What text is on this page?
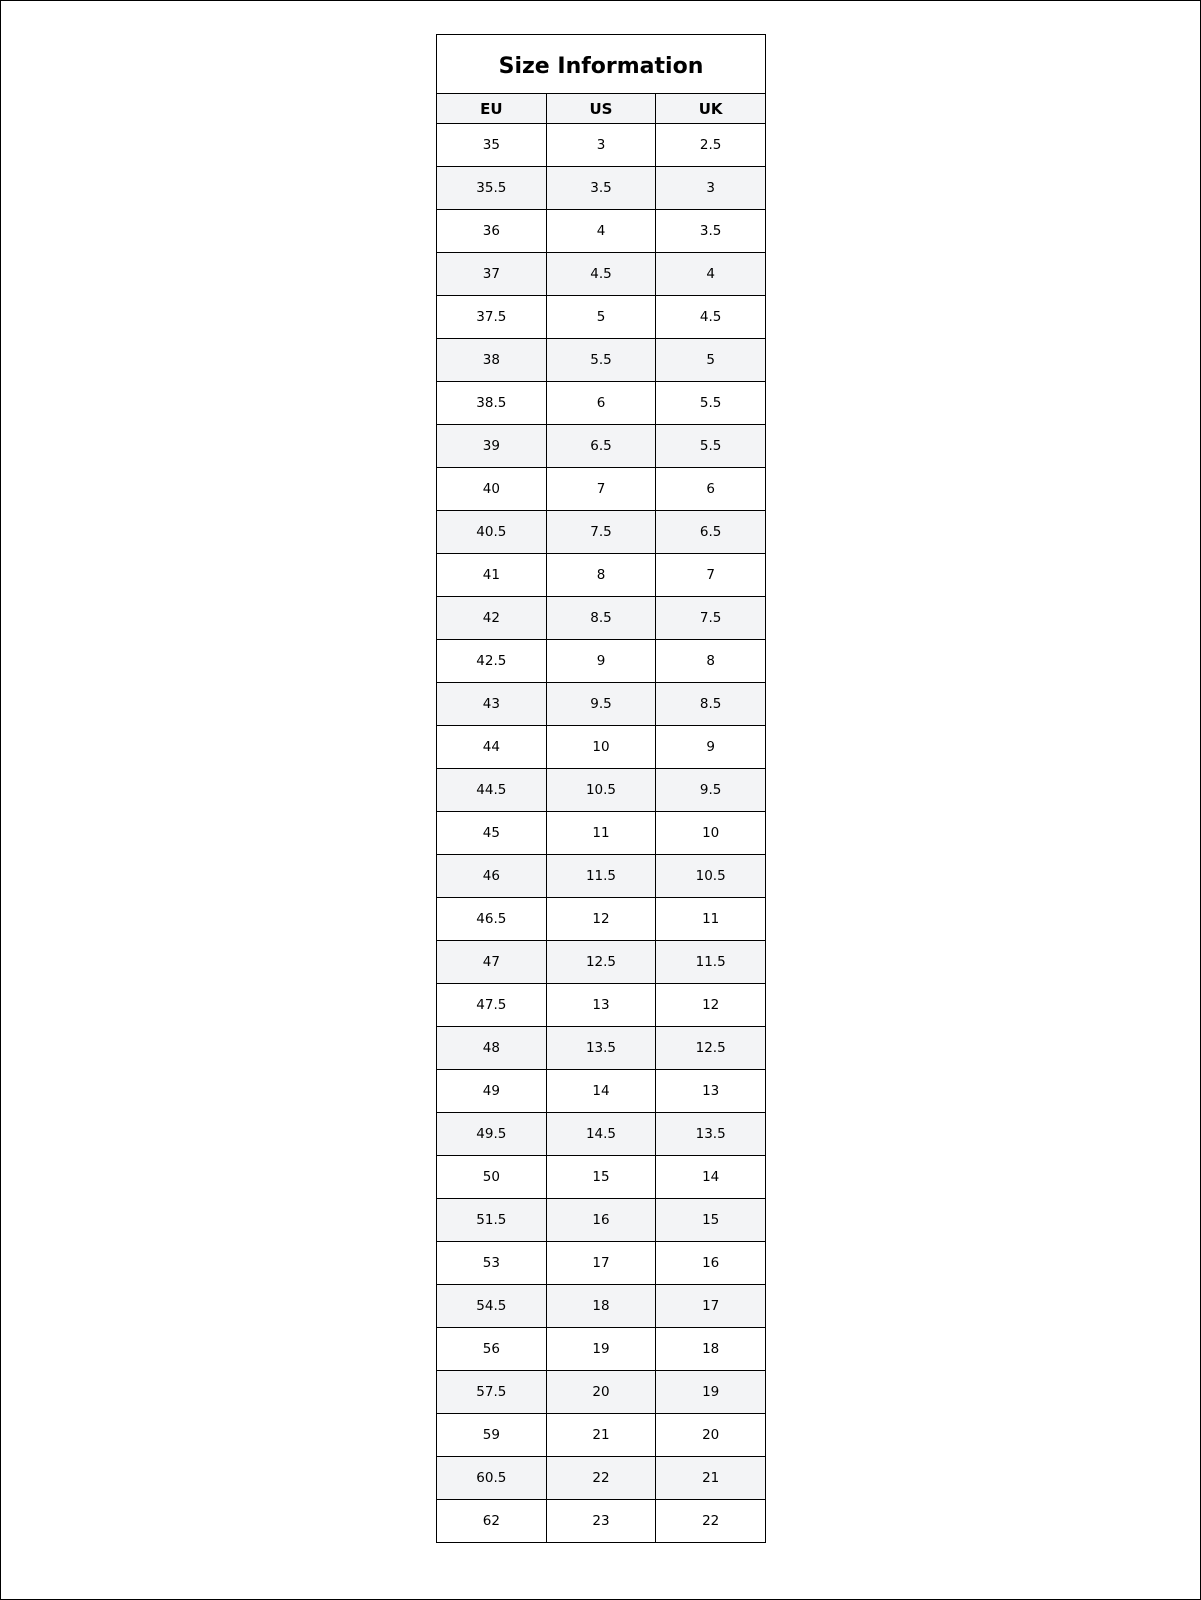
Size Information		
EU	US	UK
35	3	2.5
35.5	3.5	3
36	4	3.5
37	4.5	4
37.5	5	4.5
38	5.5	5
38.5	6	5.5
39	6.5	5.5
40	7	6
40.5	7.5	6.5
41	8	7
42	8.5	7.5
42.5	9	8
43	9.5	8.5
44	10	9
44.5	10.5	9.5
45	11	10
46	11.5	10.5
46.5	12	11
47	12.5	11.5
47.5	13	12
48	13.5	12.5
49	14	13
49.5	14.5	13.5
50	15	14
51.5	16	15
53	17	16
54.5	18	17
56	19	18
57.5	20	19
59	21	20
60.5	22	21
62	23	22
